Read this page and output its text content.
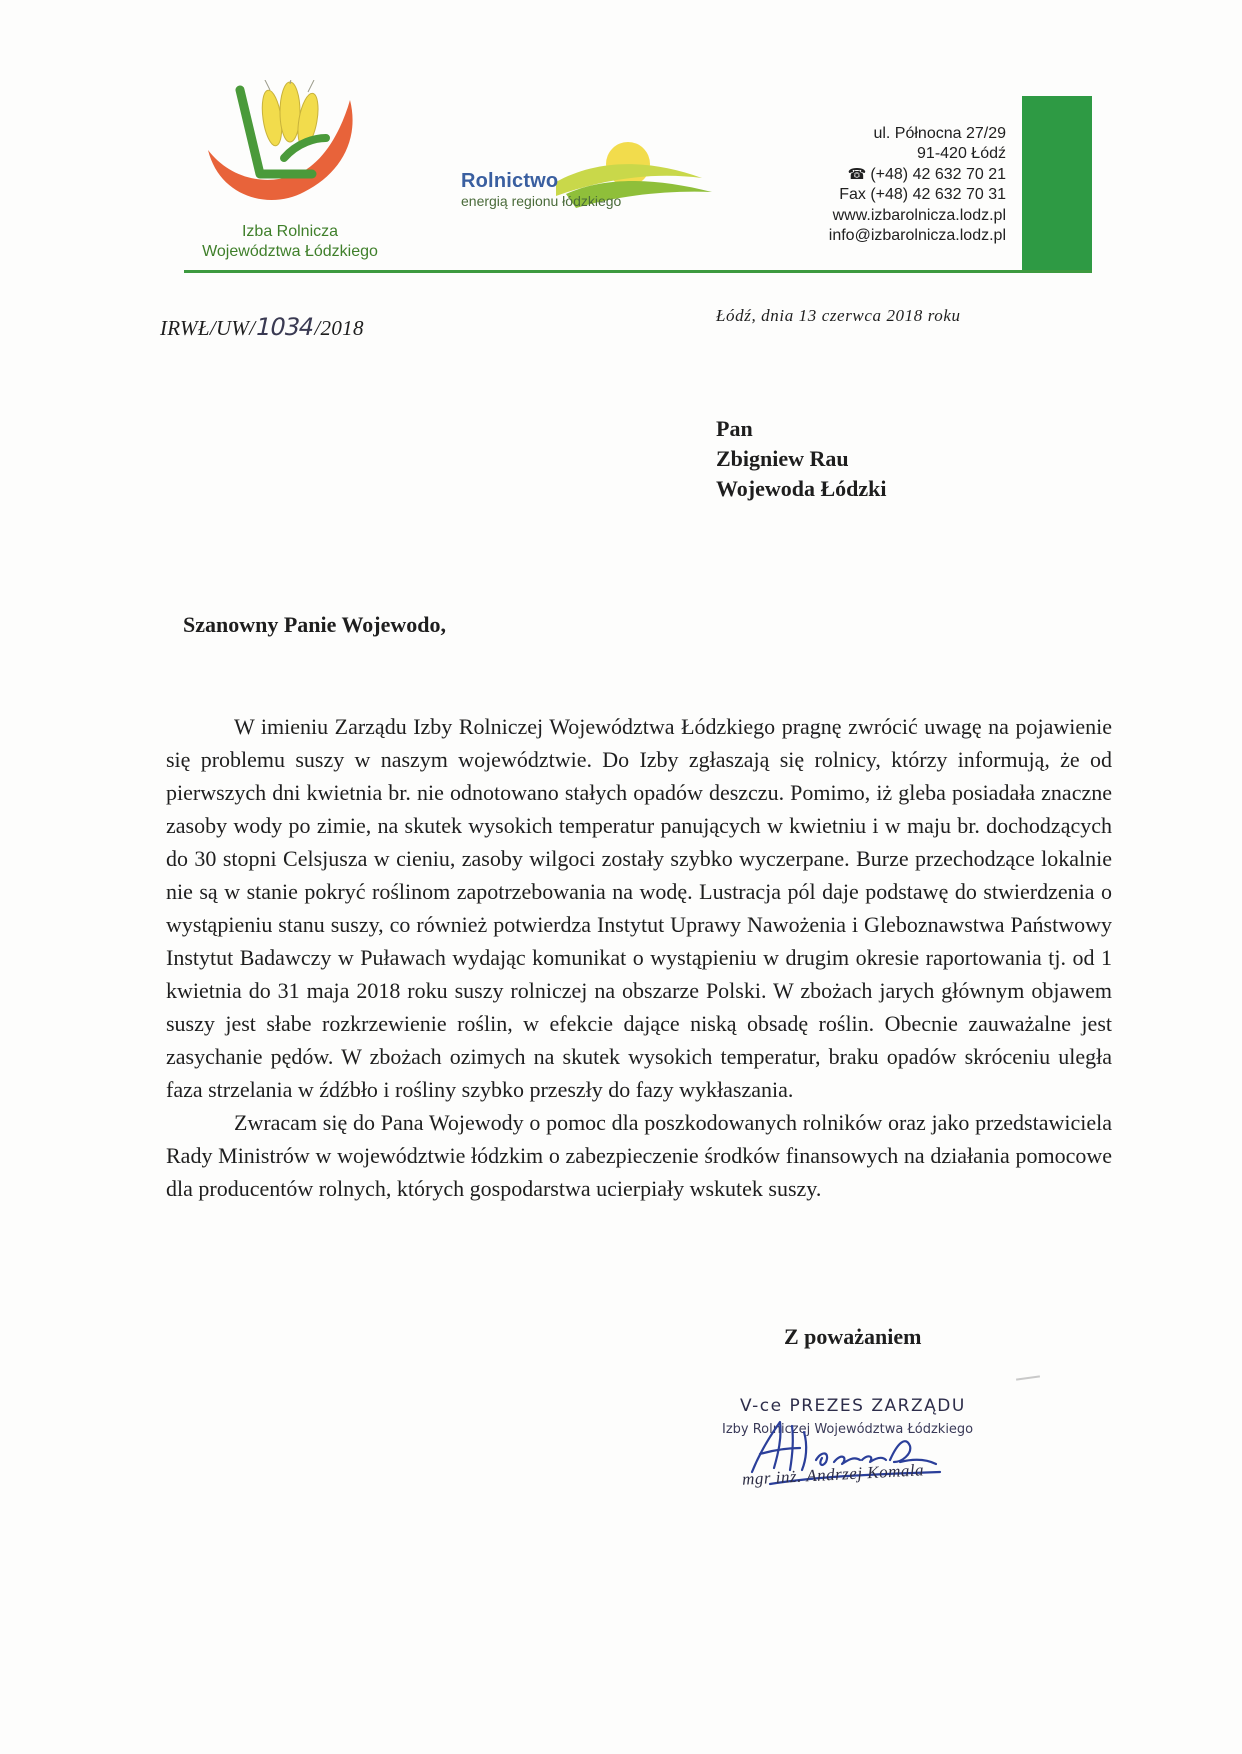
Izba Rolnicza
Województwa Łódzkiego
Rolnictwo
energią regionu łódzkiego
ul. Północna 27/29
91-420 Łódź
☎ (+48) 42 632 70 21
Fax (+48) 42 632 70 31
www.izbarolnicza.lodz.pl
info@izbarolnicza.lodz.pl
IRWŁ/UW/1034/2018
Łódź, dnia 13 czerwca 2018 roku
Pan
Zbigniew Rau
Wojewoda Łódzki
Szanowny Panie Wojewodo,

W imieniu Zarządu Izby Rolniczej Województwa Łódzkiego pragnę zwrócić uwagę na pojawienie się problemu suszy w naszym województwie. Do Izby zgłaszają się rolnicy, którzy informują, że od pierwszych dni kwietnia br. nie odnotowano stałych opadów deszczu. Pomimo, iż gleba posiadała znaczne zasoby wody po zimie, na skutek wysokich temperatur panujących w kwietniu i w maju br. dochodzących do 30 stopni Celsjusza w cieniu, zasoby wilgoci zostały szybko wyczerpane. Burze przechodzące lokalnie nie są w stanie pokryć roślinom zapotrzebowania na wodę. Lustracja pól daje podstawę do stwierdzenia o wystąpieniu stanu suszy, co również potwierdza Instytut Uprawy Nawożenia i Gleboznawstwa Państwowy Instytut Badawczy w Puławach wydając komunikat o wystąpieniu w drugim okresie raportowania tj. od 1 kwietnia do 31 maja 2018 roku suszy rolniczej na obszarze Polski. W zbożach jarych głównym objawem suszy jest słabe rozkrzewienie roślin, w efekcie dające niską obsadę roślin. Obecnie zauważalne jest zasychanie pędów. W zbożach ozimych na skutek wysokich temperatur, braku opadów skróceniu uległa faza strzelania w źdźbło i rośliny szybko przeszły do fazy wykłaszania.

Zwracam się do Pana Wojewody o pomoc dla poszkodowanych rolników oraz jako przedstawiciela Rady Ministrów w województwie łódzkim o zabezpieczenie środków finansowych na działania pomocowe dla producentów rolnych, których gospodarstwa ucierpiały wskutek suszy.

Z poważaniem
V-ce PREZES ZARZĄDU
Izby Rolniczej Województwa Łódzkiego
mgr inż. Andrzej Komala
